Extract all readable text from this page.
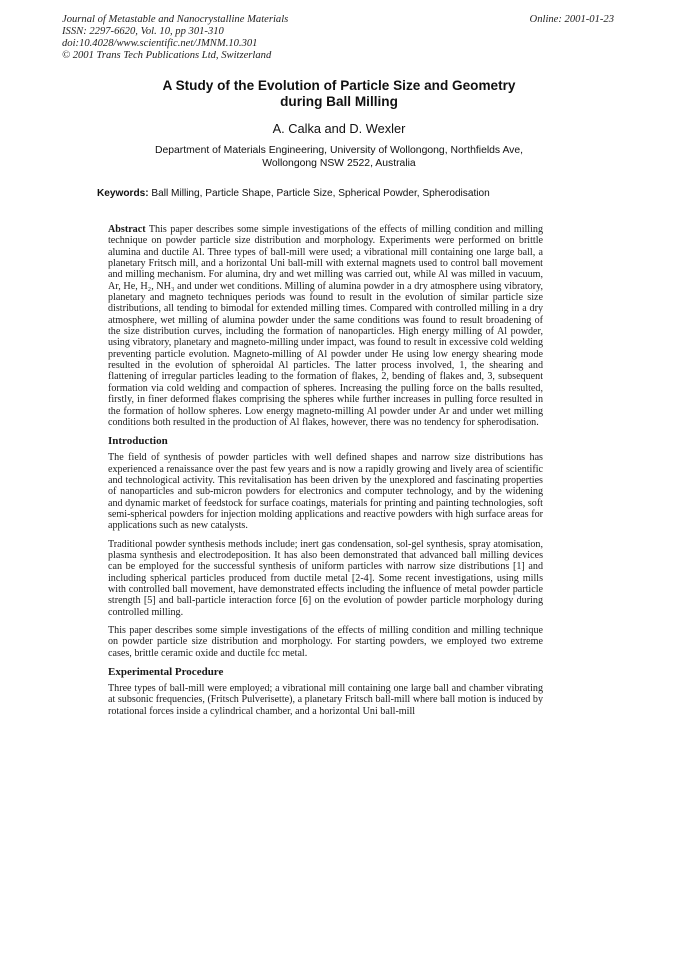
Journal of Metastable and Nanocrystalline Materials
ISSN: 2297-6620, Vol. 10, pp 301-310
doi:10.4028/www.scientific.net/JMNM.10.301
© 2001 Trans Tech Publications Ltd, Switzerland
Online: 2001-01-23
A Study of the Evolution of Particle Size and Geometry
during Ball Milling
A. Calka and D. Wexler
Department of Materials Engineering, University of Wollongong, Northfields Ave,
Wollongong NSW 2522, Australia
Keywords: Ball Milling, Particle Shape, Particle Size, Spherical Powder, Spherodisation

Abstract This paper describes some simple investigations of the effects of milling condition and milling technique on powder particle size distribution and morphology. Experiments were performed on brittle alumina and ductile Al. Three types of ball-mill were used; a vibrational mill containing one large ball, a planetary Fritsch mill, and a horizontal Uni ball-mill with external magnets used to control ball movement and milling mechanism. For alumina, dry and wet milling was carried out, while Al was milled in vacuum, Ar, He, H₂, NH₃ and under wet conditions. Milling of alumina powder in a dry atmosphere using vibratory, planetary and magneto techniques periods was found to result in the evolution of similar particle size distributions, all tending to bimodal for extended milling times. Compared with controlled milling in a dry atmosphere, wet milling of alumina powder under the same conditions was found to result broadening of the size distribution curves, including the formation of nanoparticles. High energy milling of Al powder, using vibratory, planetary and magneto-milling under impact, was found to result in excessive cold welding preventing particle evolution. Magneto-milling of Al powder under He using low energy shearing mode resulted in the evolution of spheroidal Al particles. The latter process involved, 1, the shearing and flattening of irregular particles leading to the formation of flakes, 2, bending of flakes and, 3, subsequent formation via cold welding and compaction of spheres. Increasing the pulling force on the balls resulted, firstly, in finer deformed flakes comprising the spheres while further increases in pulling force resulted in the formation of hollow spheres. Low energy magneto-milling Al powder under Ar and under wet milling conditions both resulted in the production of Al flakes, however, there was no tendency for spherodisation.

Introduction

The field of synthesis of powder particles with well defined shapes and narrow size distributions has experienced a renaissance over the past few years and is now a rapidly growing and lively area of scientific and technological activity. This revitalisation has been driven by the unexplored and fascinating properties of nanoparticles and sub-micron powders for electronics and computer technology, and by the widening and dynamic market of feedstock for surface coatings, materials for printing and painting technologies, soft semi-spherical powders for injection molding applications and reactive powders with high surface areas for applications such as new catalysts.

Traditional powder synthesis methods include; inert gas condensation, sol-gel synthesis, spray atomisation, plasma synthesis and electrodeposition. It has also been demonstrated that advanced ball milling devices can be employed for the successful synthesis of uniform particles with narrow size distributions [1] and including spherical particles produced from ductile metal [2-4]. Some recent investigations, using mills with controlled ball movement, have demonstrated effects including the influence of metal powder particle strength [5] and ball-particle interaction force [6] on the evolution of powder particle morphology during controlled milling.

This paper describes some simple investigations of the effects of milling condition and milling technique on powder particle size distribution and morphology. For starting powders, we employed two extreme cases, brittle ceramic oxide and ductile fcc metal.

Experimental Procedure

Three types of ball-mill were employed; a vibrational mill containing one large ball and chamber vibrating at subsonic frequencies, (Fritsch Pulverisette), a planetary Fritsch ball-mill where ball motion is induced by rotational forces inside a cylindrical chamber, and a horizontal Uni ball-mill
